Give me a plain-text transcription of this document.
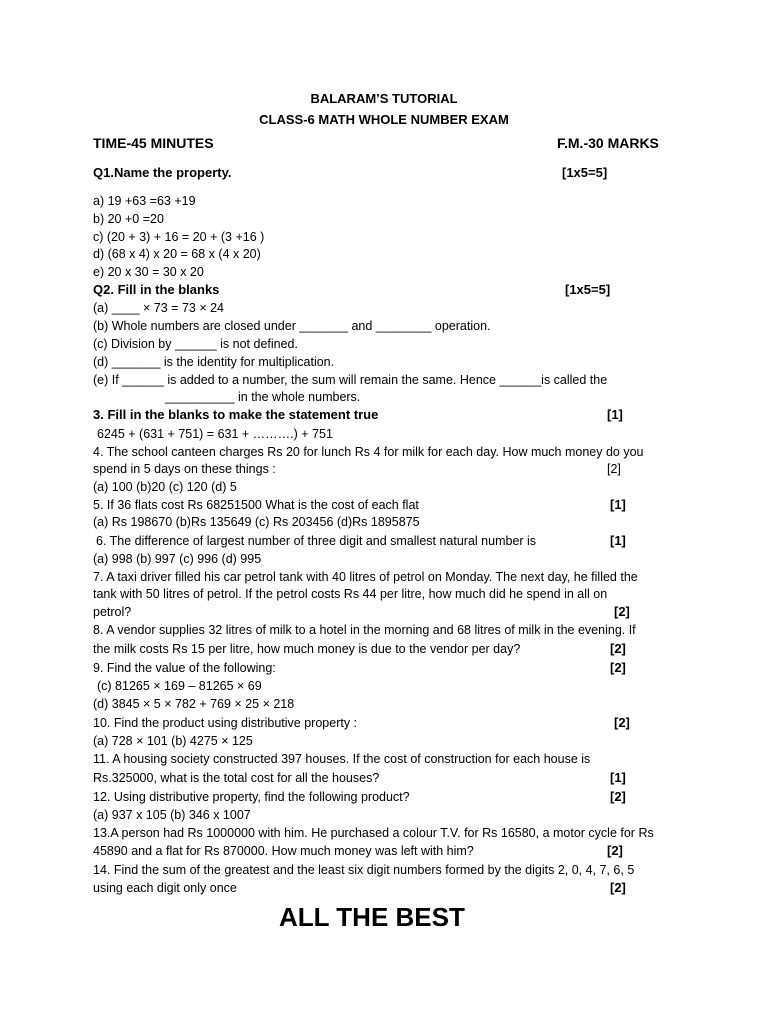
BALARAM’S TUTORIAL
CLASS-6 MATH WHOLE NUMBER EXAM
TIME-45 MINUTES	F.M.-30 MARKS
Q1.Name the property.	[1x5=5]
a) 19 +63 =63 +19
b) 20 +0 =20
c) (20 + 3) + 16 = 20 + (3 +16 )
d) (68 x 4) x 20 = 68 x (4 x 20)
e) 20 x 30 = 30 x 20
Q2. Fill in the blanks	[1x5=5]
(a) ____ × 73 = 73 × 24
(b) Whole numbers are closed under _______ and ________ operation.
(c) Division by ______ is not defined.
(d) _______ is the identity for multiplication.
(e) If ______ is added to a number, the sum will remain the same. Hence ______is called the
__________ in the whole numbers.
3. Fill in the blanks to make the statement true	[1]
6245 + (631 + 751) = 631 + ……….) + 751
4. The school canteen charges Rs 20 for lunch Rs 4 for milk for each day. How much money do you
spend in 5 days on these things :	[2]
(a) 100 (b)20 (c) 120 (d) 5
5. If 36 flats cost Rs 68251500 What is the cost of each flat	[1]
(a) Rs 198670 (b)Rs 135649 (c) Rs 203456 (d)Rs 1895875
6. The difference of largest number of three digit and smallest natural number is	[1]
(a) 998 (b) 997 (c) 996 (d) 995
7. A taxi driver filled his car petrol tank with 40 litres of petrol on Monday. The next day, he filled the
tank with 50 litres of petrol. If the petrol costs Rs 44 per litre, how much did he spend in all on
petrol?	[2]
8. A vendor supplies 32 litres of milk to a hotel in the morning and 68 litres of milk in the evening. If
the milk costs Rs 15 per litre, how much money is due to the vendor per day?	[2]
9. Find the value of the following:	[2]
(c) 81265 × 169 – 81265 × 69
(d) 3845 × 5 × 782 + 769 × 25 × 218
10. Find the product using distributive property :	[2]
(a) 728 × 101 (b) 4275 × 125
11. A housing society constructed 397 houses. If the cost of construction for each house is
Rs.325000, what is the total cost for all the houses?	[1]
12. Using distributive property, find the following product?	[2]
(a) 937 x 105 (b) 346 x 1007
13.A person had Rs 1000000 with him. He purchased a colour T.V. for Rs 16580, a motor cycle for Rs
45890 and a flat for Rs 870000. How much money was left with him?	[2]
14. Find the sum of the greatest and the least six digit numbers formed by the digits 2, 0, 4, 7, 6, 5
using each digit only once	[2]
ALL THE BEST
